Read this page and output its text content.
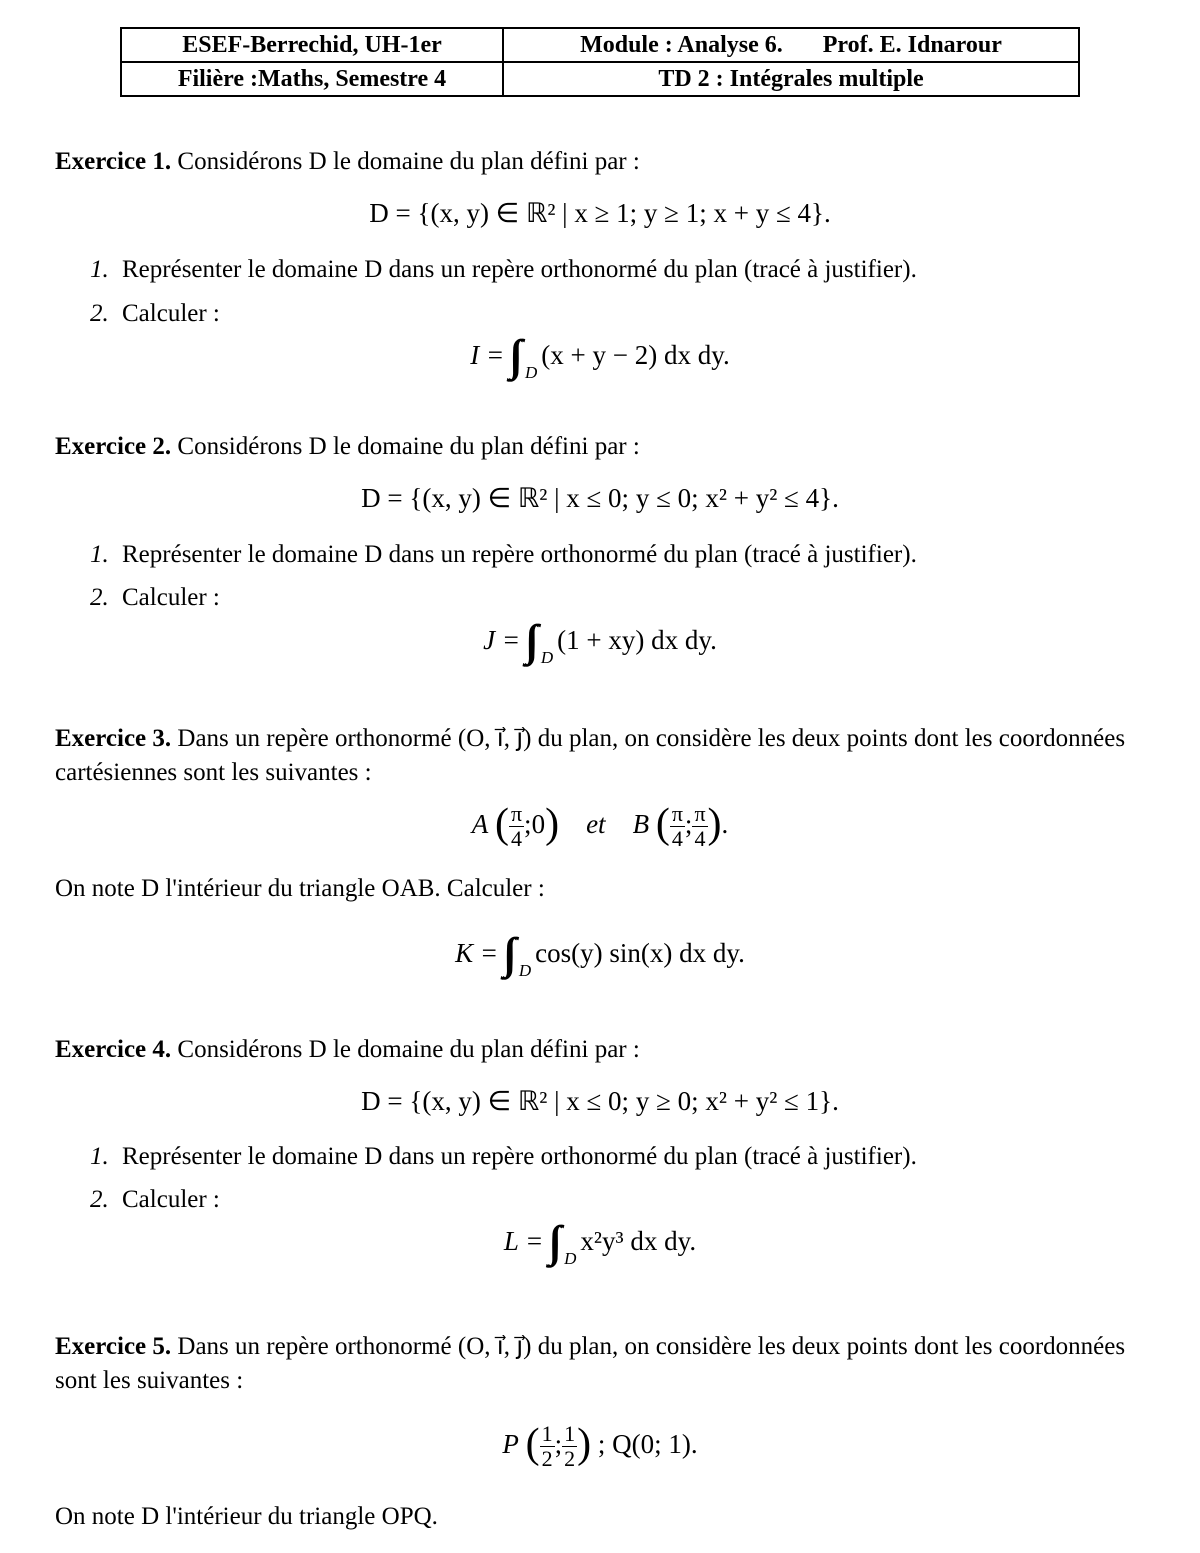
ESEF-Berrechid, UH-1er	Module : Analyse 6. Prof. E. Idnarour
Filière :Maths, Semestre 4	TD 2 : Intégrales multiple
Exercice 1. Considérons D le domaine du plan défini par :
D = {(x, y) ∈ ℝ² | x ≥ 1; y ≥ 1; x + y ≤ 4}.
1. Représenter le domaine D dans un repère orthonormé du plan (tracé à justifier).
2. Calculer :
I = $_D$(x + y − 2) dx dy.
Exercice 2. Considérons D le domaine du plan défini par :
D = {(x, y) ∈ ℝ² | x ≤ 0; y ≤ 0; x² + y² ≤ 4}.
1. Représenter le domaine D dans un repère orthonormé du plan (tracé à justifier).
2. Calculer :
J = $_D$(1 + xy) dx dy.
Exercice 3. Dans un repère orthonormé (O, i⃗, j⃗) du plan, on considère les deux points dont les coordonnées cartésiennes sont les suivantes :
A ( $\frac{\pi}{4}$ ;0) et B ( $\frac{\pi}{4}$ ; $\frac{\pi}{4}$ ).
On note D l'intérieur du triangle OAB. Calculer :
K = $_D$cos(y) sin(x) dx dy.
Exercice 4. Considérons D le domaine du plan défini par :
D = {(x, y) ∈ ℝ² | x ≤ 0; y ≥ 0; x² + y² ≤ 1}.
1. Représenter le domaine D dans un repère orthonormé du plan (tracé à justifier).
2. Calculer :
L = $_D$x²y³ dx dy.
Exercice 5. Dans un repère orthonormé (O, i⃗, j⃗) du plan, on considère les deux points dont les coordonnées sont les suivantes :
P ( $\frac{1}{2}$ ; $\frac{1}{2}$ ) ; Q(0; 1).
On note D l'intérieur du triangle OPQ.
